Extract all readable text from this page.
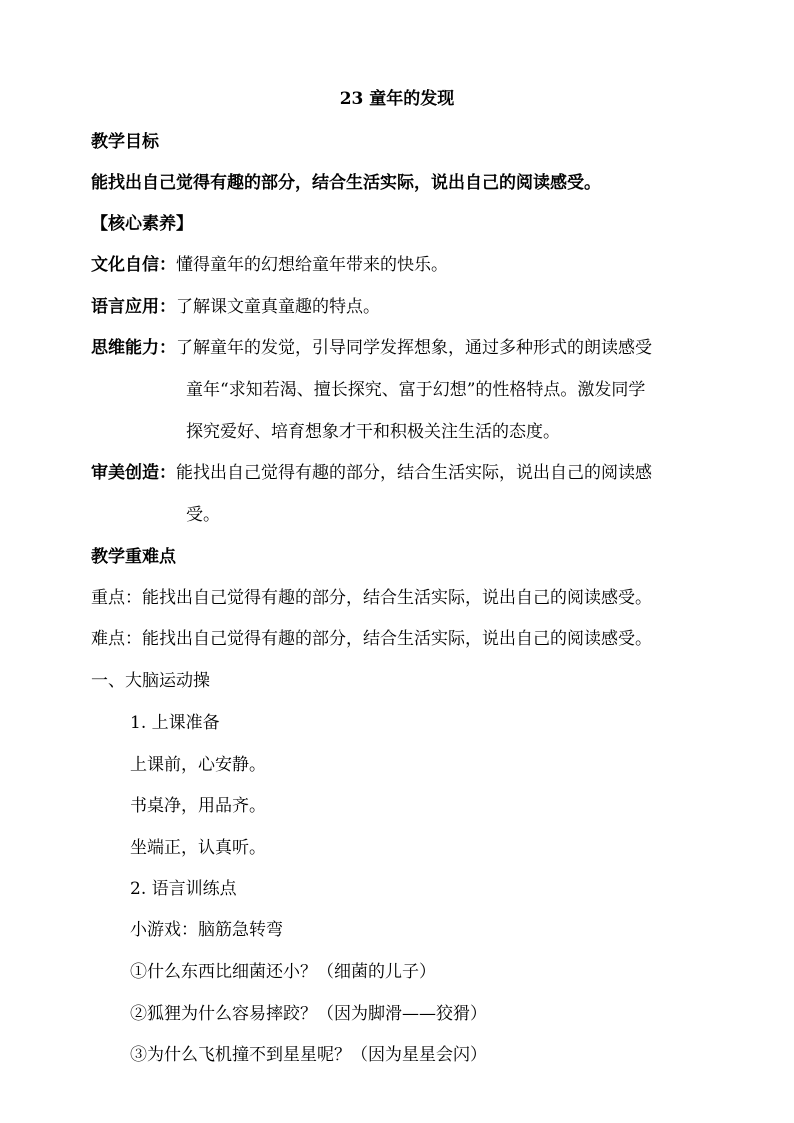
23 童年的发现
教学目标
能找出自己觉得有趣的部分，结合生活实际，说出自己的阅读感受。
【核心素养】
文化自信：懂得童年的幻想给童年带来的快乐。
语言应用：了解课文童真童趣的特点。
思维能力：了解童年的发觉，引导同学发挥想象，通过多种形式的朗读感受
童年“求知若渴、擅长探究、富于幻想”的性格特点。激发同学
探究爱好、培育想象才干和积极关注生活的态度。
审美创造：能找出自己觉得有趣的部分，结合生活实际，说出自己的阅读感
受。
教学重难点
重点：能找出自己觉得有趣的部分，结合生活实际，说出自己的阅读感受。
难点：能找出自己觉得有趣的部分，结合生活实际，说出自己的阅读感受。
一、大脑运动操
1. 上课准备
上课前，心安静。
书桌净，用品齐。
坐端正，认真听。
2. 语言训练点
小游戏：脑筋急转弯
①什么东西比细菌还小？（细菌的儿子）
②狐狸为什么容易摔跤？（因为脚滑——狡猾）
③为什么飞机撞不到星星呢？（因为星星会闪）
